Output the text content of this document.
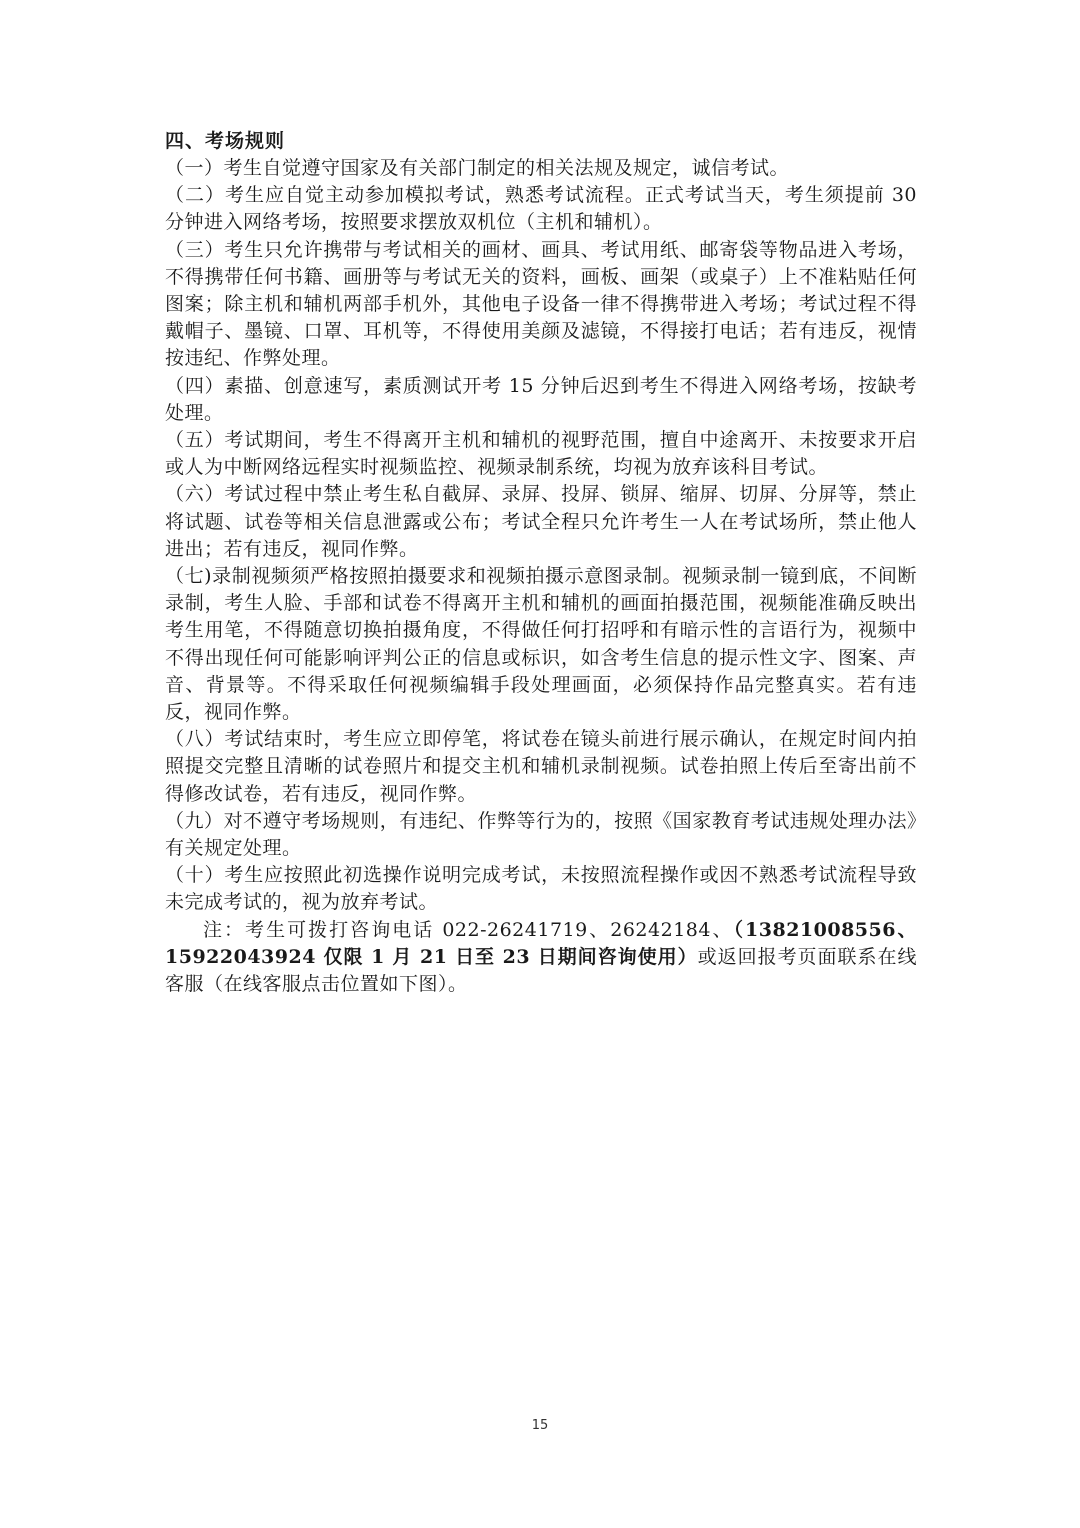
四、考场规则

（一）考生自觉遵守国家及有关部门制定的相关法规及规定，诚信考试。

（二）考生应自觉主动参加模拟考试，熟悉考试流程。正式考试当天，考生须提前 30 分钟进入网络考场，按照要求摆放双机位（主机和辅机）。

（三）考生只允许携带与考试相关的画材、画具、考试用纸、邮寄袋等物品进入考场，不得携带任何书籍、画册等与考试无关的资料，画板、画架（或桌子）上不准粘贴任何图案；除主机和辅机两部手机外，其他电子设备一律不得携带进入考场；考试过程不得戴帽子、墨镜、口罩、耳机等，不得使用美颜及滤镜，不得接打电话；若有违反，视情按违纪、作弊处理。

（四）素描、创意速写，素质测试开考 15 分钟后迟到考生不得进入网络考场，按缺考处理。

（五）考试期间，考生不得离开主机和辅机的视野范围，擅自中途离开、未按要求开启或人为中断网络远程实时视频监控、视频录制系统，均视为放弃该科目考试。

（六）考试过程中禁止考生私自截屏、录屏、投屏、锁屏、缩屏、切屏、分屏等，禁止将试题、试卷等相关信息泄露或公布；考试全程只允许考生一人在考试场所，禁止他人进出；若有违反，视同作弊。

（七)录制视频须严格按照拍摄要求和视频拍摄示意图录制。视频录制一镜到底，不间断录制，考生人脸、手部和试卷不得离开主机和辅机的画面拍摄范围，视频能准确反映出考生用笔，不得随意切换拍摄角度，不得做任何打招呼和有暗示性的言语行为，视频中不得出现任何可能影响评判公正的信息或标识，如含考生信息的提示性文字、图案、声音、背景等。不得采取任何视频编辑手段处理画面，必须保持作品完整真实。若有违反，视同作弊。

（八）考试结束时，考生应立即停笔，将试卷在镜头前进行展示确认，在规定时间内拍照提交完整且清晰的试卷照片和提交主机和辅机录制视频。试卷拍照上传后至寄出前不得修改试卷，若有违反，视同作弊。

（九）对不遵守考场规则，有违纪、作弊等行为的，按照《国家教育考试违规处理办法》有关规定处理。

（十）考生应按照此初选操作说明完成考试，未按照流程操作或因不熟悉考试流程导致未完成考试的，视为放弃考试。

注：考生可拨打咨询电话 022-26241719、26242184、（13821008556、15922043924 仅限 1 月 21 日至 23 日期间咨询使用）或返回报考页面联系在线客服（在线客服点击位置如下图）。

15
